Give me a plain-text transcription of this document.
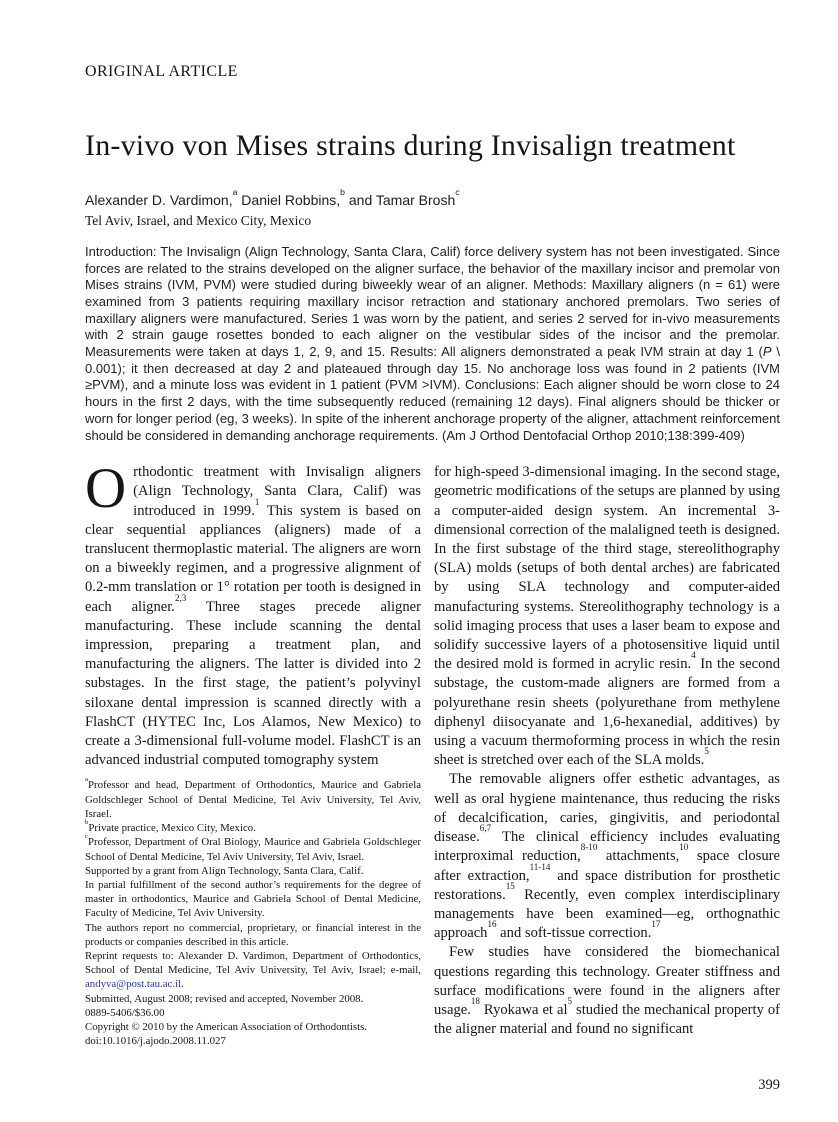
ORIGINAL ARTICLE
In-vivo von Mises strains during Invisalign treatment
Alexander D. Vardimon,$^a$ Daniel Robbins,$^b$ and Tamar Brosh$^c$
Tel Aviv, Israel, and Mexico City, Mexico
Introduction: The Invisalign (Align Technology, Santa Clara, Calif) force delivery system has not been investigated. Since forces are related to the strains developed on the aligner surface, the behavior of the maxillary incisor and premolar von Mises strains (IVM, PVM) were studied during biweekly wear of an aligner. Methods: Maxillary aligners (n = 61) were examined from 3 patients requiring maxillary incisor retraction and stationary anchored premolars. Two series of maxillary aligners were manufactured. Series 1 was worn by the patient, and series 2 served for in-vivo measurements with 2 strain gauge rosettes bonded to each aligner on the vestibular sides of the incisor and the premolar. Measurements were taken at days 1, 2, 9, and 15. Results: All aligners demonstrated a peak IVM strain at day 1 (P \ 0.001); it then decreased at day 2 and plateaued through day 15. No anchorage loss was found in 2 patients (IVM ≥PVM), and a minute loss was evident in 1 patient (PVM >IVM). Conclusions: Each aligner should be worn close to 24 hours in the first 2 days, with the time subsequently reduced (remaining 12 days). Final aligners should be thicker or worn for longer period (eg, 3 weeks). In spite of the inherent anchorage property of the aligner, attachment reinforcement should be considered in demanding anchorage requirements. (Am J Orthod Dentofacial Orthop 2010;138:399-409)

Orthodontic treatment with Invisalign aligners (Align Technology, Santa Clara, Calif) was introduced in 1999.$^1$ This system is based on clear sequential appliances (aligners) made of a translucent thermoplastic material. The aligners are worn on a biweekly regimen, and a progressive alignment of 0.2-mm translation or 1° rotation per tooth is designed in each aligner.$^{2,3}$ Three stages precede aligner manufacturing. These include scanning the dental impression, preparing a treatment plan, and manufacturing the aligners. The latter is divided into 2 substages. In the first stage, the patient’s polyvinyl siloxane dental impression is scanned directly with a FlashCT (HYTEC Inc, Los Alamos, New Mexico) to create a 3-dimensional full-volume model. FlashCT is an advanced industrial computed tomography system

$^a$Professor and head, Department of Orthodontics, Maurice and Gabriela Goldschleger School of Dental Medicine, Tel Aviv University, Tel Aviv, Israel.

$^b$Private practice, Mexico City, Mexico.

$^c$Professor, Department of Oral Biology, Maurice and Gabriela Goldschleger School of Dental Medicine, Tel Aviv University, Tel Aviv, Israel.

Supported by a grant from Align Technology, Santa Clara, Calif.

In partial fulfillment of the second author’s requirements for the degree of master in orthodontics, Maurice and Gabriela School of Dental Medicine, Faculty of Medicine, Tel Aviv University.

The authors report no commercial, proprietary, or financial interest in the products or companies described in this article.

Reprint requests to: Alexander D. Vardimon, Department of Orthodontics, School of Dental Medicine, Tel Aviv University, Tel Aviv, Israel; e-mail, andyva@post.tau.ac.il.

Submitted, August 2008; revised and accepted, November 2008.

0889-5406/$36.00

Copyright © 2010 by the American Association of Orthodontists.

doi:10.1016/j.ajodo.2008.11.027

for high-speed 3-dimensional imaging. In the second stage, geometric modifications of the setups are planned by using a computer-aided design system. An incremental 3-dimensional correction of the malaligned teeth is designed. In the first substage of the third stage, stereolithography (SLA) molds (setups of both dental arches) are fabricated by using SLA technology and computer-aided manufacturing systems. Stereolithography technology is a solid imaging process that uses a laser beam to expose and solidify successive layers of a photosensitive liquid until the desired mold is formed in acrylic resin.$^4$ In the second substage, the custom-made aligners are formed from a polyurethane resin sheets (polyurethane from methylene diphenyl diisocyanate and 1,6-hexanedial, additives) by using a vacuum thermoforming process in which the resin sheet is stretched over each of the SLA molds.$^5$

The removable aligners offer esthetic advantages, as well as oral hygiene maintenance, thus reducing the risks of decalcification, caries, gingivitis, and periodontal disease.$^{6,7}$ The clinical efficiency includes evaluating interproximal reduction,$^{8-10}$ attachments,$^{10}$ space closure after extraction,$^{11-14}$ and space distribution for prosthetic restorations.$^{15}$ Recently, even complex interdisciplinary managements have been examined—eg, orthognathic approach$^{16}$ and soft-tissue correction.$^{17}$

Few studies have considered the biomechanical questions regarding this technology. Greater stiffness and surface modifications were found in the aligners after usage.$^{18}$ Ryokawa et $al^5$ studied the mechanical property of the aligner material and found no significant

399
